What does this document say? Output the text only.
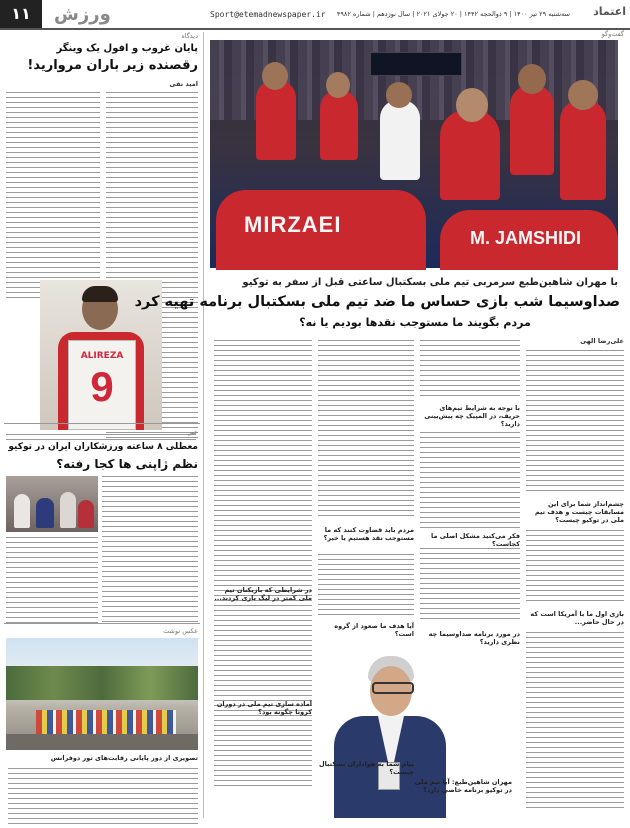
۱۱	ورزش	Sport@etemadnewspaper.ir	سه‌شنبه ۲۹ تیر ۱۴۰۰ | ۹ ذوالحجه ۱۴۴۲ | ۲۰ جولای ۲۰۲۱ | سال نوزدهم | شماره ۴۹۸۲ اعتماد
دیدگاه
پایان غروب و افول یک وینگر
رقصنده زیر باران مروارید!
امید نقی
ALIREZA
9
خبر
معطلی ۸ ساعته ورزشکاران ایران در توکیو
نظم ژاپنی ها کجا رفته؟
عکس نوشت
تصویری از دور پایانی رقابت‌های تور دوفرانس
گفت‌وگو
MIRZAEI
M. JAMSHIDI
با مهران شاهین‌طبع سرمربی تیم ملی بسکتبال ساعتی قبل از سفر به توکیو
صداوسیما شب بازی حساس ما ضد تیم ملی بسکتبال برنامه تهیه کرد
مردم بگویند ما مستوجب نقد‌ها بودیم یا نه؟
علی‌رضا الهی
چشم‌انداز شما برای این مسابقات چیست و هدف تیم ملی در توکیو چیست؟
بازی اول ما با آمریکا است که در حال حاضر...
با توجه به شرایط تیم‌های حریف، در المپیک چه پیش‌بینی دارید؟
فکر می‌کنید مشکل اصلی ما کجاست؟
در مورد برنامه صداوسیما چه نظری دارید؟
مردم باید قضاوت کنند که ما مستوجب نقد هستیم یا خیر؟
آیا هدف ما صعود از گروه است؟
در شرایطی که بازیکنان تیم ملی کمتر در لیگ بازی کردند...
آماده سازی تیم ملی در دوران کرونا چگونه بود؟
مهران شاهین‌طبع: آیا تیم ملی در توکیو برنامه خاصی دارد؟
پیام شما به هواداران بسکتبال چیست؟
